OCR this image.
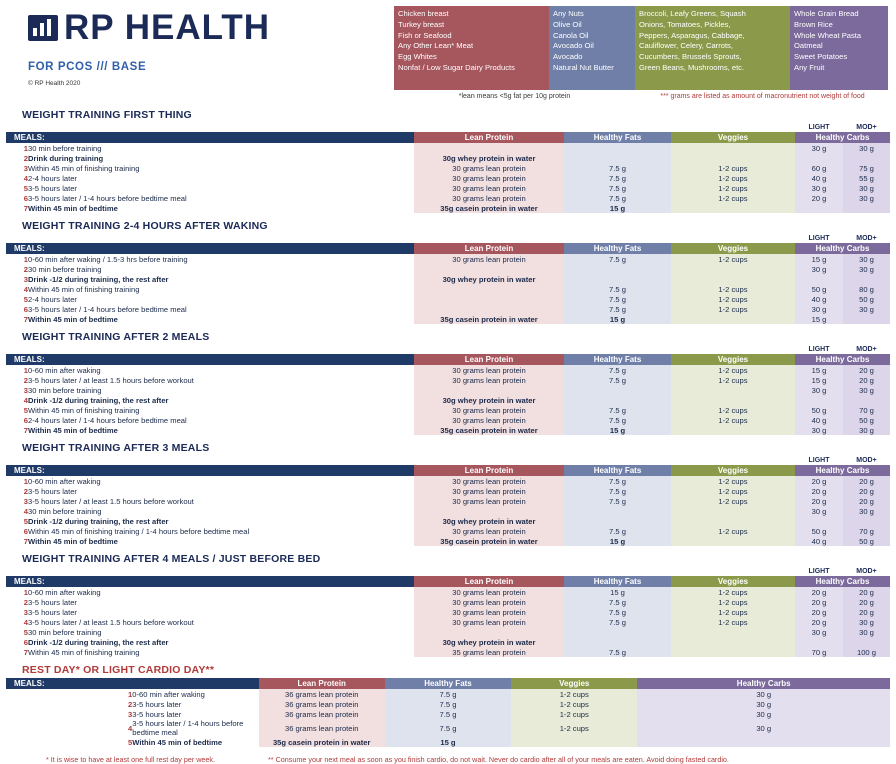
RP HEALTH
FOR PCOS /// BASE
© RP Health 2020
Chicken breast
Turkey breast
Fish or Seafood
Any Other Lean* Meat
Egg Whites
Nonfat / Low Sugar Dairy Products
Any Nuts
Olive Oil
Canola Oil
Avocado Oil
Avocado
Natural Nut Butter
Broccoli, Leafy Greens, Squash
Onions, Tomatoes, Pickles,
Peppers, Asparagus, Cabbage,
Cauliflower, Celery, Carrots,
Cucumbers, Brussels Sprouts,
Green Beans, Mushrooms, etc.
Whole Grain Bread
Brown Rice
Whole Wheat Pasta
Oatmeal
Sweet Potatoes
Any Fruit
*lean means <5g fat per 10g protein	*** grams are listed as amount of macronutrient not weight of food
WEIGHT TRAINING FIRST THING
					LIGHT	MOD+
MEALS:		Lean Protein	Healthy Fats	Veggies	Healthy Carbs	
1	30 min before training				30 g	30 g
2	Drink during training	30g whey protein in water				
3	Within 45 min of finishing training	30 grams lean protein	7.5 g	1-2 cups	60 g	75 g
4	2-4 hours later	30 grams lean protein	7.5 g	1-2 cups	40 g	55 g
5	3-5 hours later	30 grams lean protein	7.5 g	1-2 cups	30 g	30 g
6	3-5 hours later / 1-4 hours before bedtime meal	30 grams lean protein	7.5 g	1-2 cups	20 g	30 g
7	Within 45 min of bedtime	35g casein protein in water	15 g			
WEIGHT TRAINING 2-4 HOURS AFTER WAKING
					LIGHT	MOD+
MEALS:		Lean Protein	Healthy Fats	Veggies	Healthy Carbs	
1	0-60 min after waking / 1.5-3 hrs before training	30 grams lean protein	7.5 g	1-2 cups	15 g	30 g
2	30 min before training				30 g	30 g
3	Drink -1/2 during training, the rest after	30g whey protein in water				
4	Within 45 min of finishing training		7.5 g	1-2 cups	50 g	80 g
5	2-4 hours later		7.5 g	1-2 cups	40 g	50 g
6	3-5 hours later / 1-4 hours before bedtime meal		7.5 g	1-2 cups	30 g	30 g
7	Within 45 min of bedtime	35g casein protein in water	15 g		15 g	
WEIGHT TRAINING AFTER 2 MEALS
					LIGHT	MOD+
MEALS:		Lean Protein	Healthy Fats	Veggies	Healthy Carbs	
1	0-60 min after waking	30 grams lean protein	7.5 g	1-2 cups	15 g	20 g
2	3-5 hours later / at least 1.5 hours before workout	30 grams lean protein	7.5 g	1-2 cups	15 g	20 g
3	30 min before training				30 g	30 g
4	Drink -1/2 during training, the rest after	30g whey protein in water				
5	Within 45 min of finishing training	30 grams lean protein	7.5 g	1-2 cups	50 g	70 g
6	2-4 hours later / 1-4 hours before bedtime meal	30 grams lean protein	7.5 g	1-2 cups	40 g	50 g
7	Within 45 min of bedtime	35g casein protein in water	15 g		30 g	30 g
WEIGHT TRAINING AFTER 3 MEALS
					LIGHT	MOD+
MEALS:		Lean Protein	Healthy Fats	Veggies	Healthy Carbs	
1	0-60 min after waking	30 grams lean protein	7.5 g	1-2 cups	20 g	20 g
2	3-5 hours later	30 grams lean protein	7.5 g	1-2 cups	20 g	20 g
3	3-5 hours later / at least 1.5 hours before workout	30 grams lean protein	7.5 g	1-2 cups	20 g	20 g
4	30 min before training				30 g	30 g
5	Drink -1/2 during training, the rest after	30g whey protein in water				
6	Within 45 min of finishing training / 1-4 hours before bedtime meal	30 grams lean protein	7.5 g	1-2 cups	50 g	70 g
7	Within 45 min of bedtime	35g casein protein in water	15 g		40 g	50 g
WEIGHT TRAINING AFTER 4 MEALS / JUST BEFORE BED
					LIGHT	MOD+
MEALS:		Lean Protein	Healthy Fats	Veggies	Healthy Carbs	
1	0-60 min after waking	30 grams lean protein	15 g	1-2 cups	20 g	20 g
2	3-5 hours later	30 grams lean protein	7.5 g	1-2 cups	20 g	20 g
3	3-5 hours later	30 grams lean protein	7.5 g	1-2 cups	20 g	20 g
4	3-5 hours later / at least 1.5 hours before workout	30 grams lean protein	7.5 g	1-2 cups	20 g	30 g
5	30 min before training				30 g	30 g
6	Drink -1/2 during training, the rest after	30g whey protein in water				
7	Within 45 min of finishing training	35 grams lean protein	7.5 g		70 g	100 g
REST DAY* OR LIGHT CARDIO DAY**
MEALS:		Lean Protein	Healthy Fats	Veggies	Healthy Carbs
1	0-60 min after waking	36 grams lean protein	7.5 g	1-2 cups	30 g
2	3-5 hours later	36 grams lean protein	7.5 g	1-2 cups	30 g
3	3-5 hours later	36 grams lean protein	7.5 g	1-2 cups	30 g
4	3-5 hours later / 1-4 hours before bedtime meal	36 grams lean protein	7.5 g	1-2 cups	30 g
5	Within 45 min of bedtime	35g casein protein in water	15 g		
* It is wise to have at least one full rest day per week.	** Consume your next meal as soon as you finish cardio, do not wait. Never do cardio after all of your meals are eaten. Avoid doing fasted cardio.
